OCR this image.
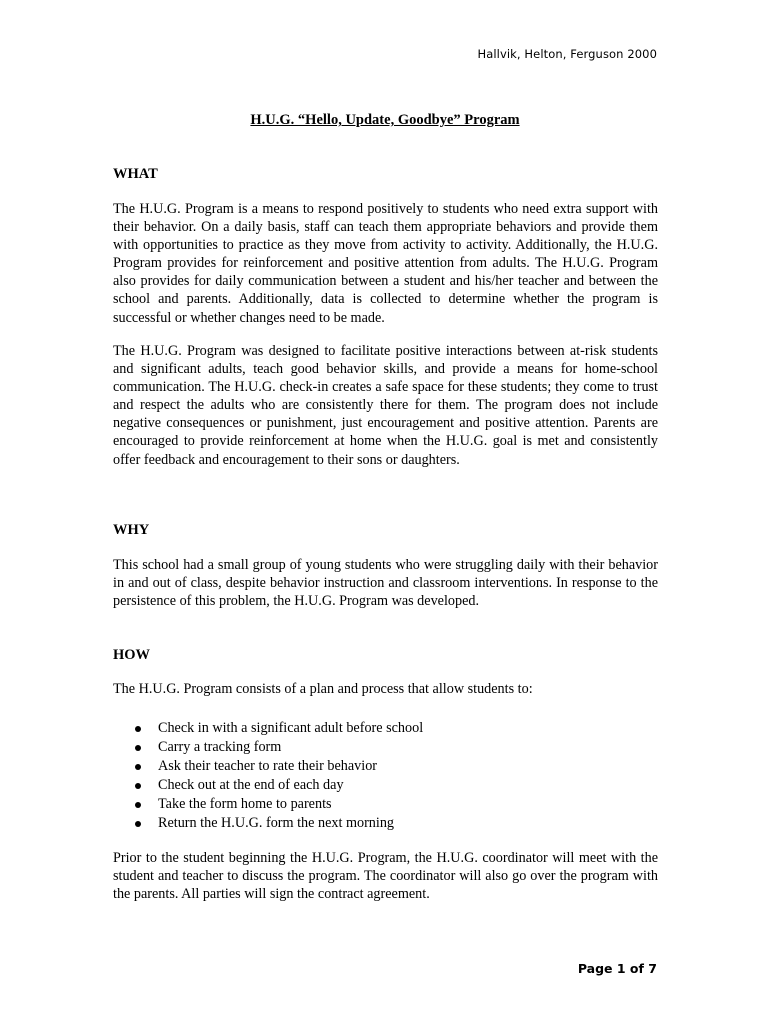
Hallvik, Helton, Ferguson 2000
H.U.G. “Hello, Update, Goodbye” Program
WHAT

The H.U.G. Program is a means to respond positively to students who need extra support with their behavior. On a daily basis, staff can teach them appropriate behaviors and provide them with opportunities to practice as they move from activity to activity. Additionally, the H.U.G. Program provides for reinforcement and positive attention from adults. The H.U.G. Program also provides for daily communication between a student and his/her teacher and between the school and parents. Additionally, data is collected to determine whether the program is successful or whether changes need to be made.

The H.U.G. Program was designed to facilitate positive interactions between at-risk students and significant adults, teach good behavior skills, and provide a means for home-school communication. The H.U.G. check-in creates a safe space for these students; they come to trust and respect the adults who are consistently there for them. The program does not include negative consequences or punishment, just encouragement and positive attention. Parents are encouraged to provide reinforcement at home when the H.U.G. goal is met and consistently offer feedback and encouragement to their sons or daughters.

WHY

This school had a small group of young students who were struggling daily with their behavior in and out of class, despite behavior instruction and classroom interventions. In response to the persistence of this problem, the H.U.G. Program was developed.

HOW
The H.U.G. Program consists of a plan and process that allow students to:
Check in with a significant adult before school
Carry a tracking form
Ask their teacher to rate their behavior
Check out at the end of each day
Take the form home to parents
Return the H.U.G. form the next morning

Prior to the student beginning the H.U.G. Program, the H.U.G. coordinator will meet with the student and teacher to discuss the program. The coordinator will also go over the program with the parents. All parties will sign the contract agreement.

Page 1 of 7
